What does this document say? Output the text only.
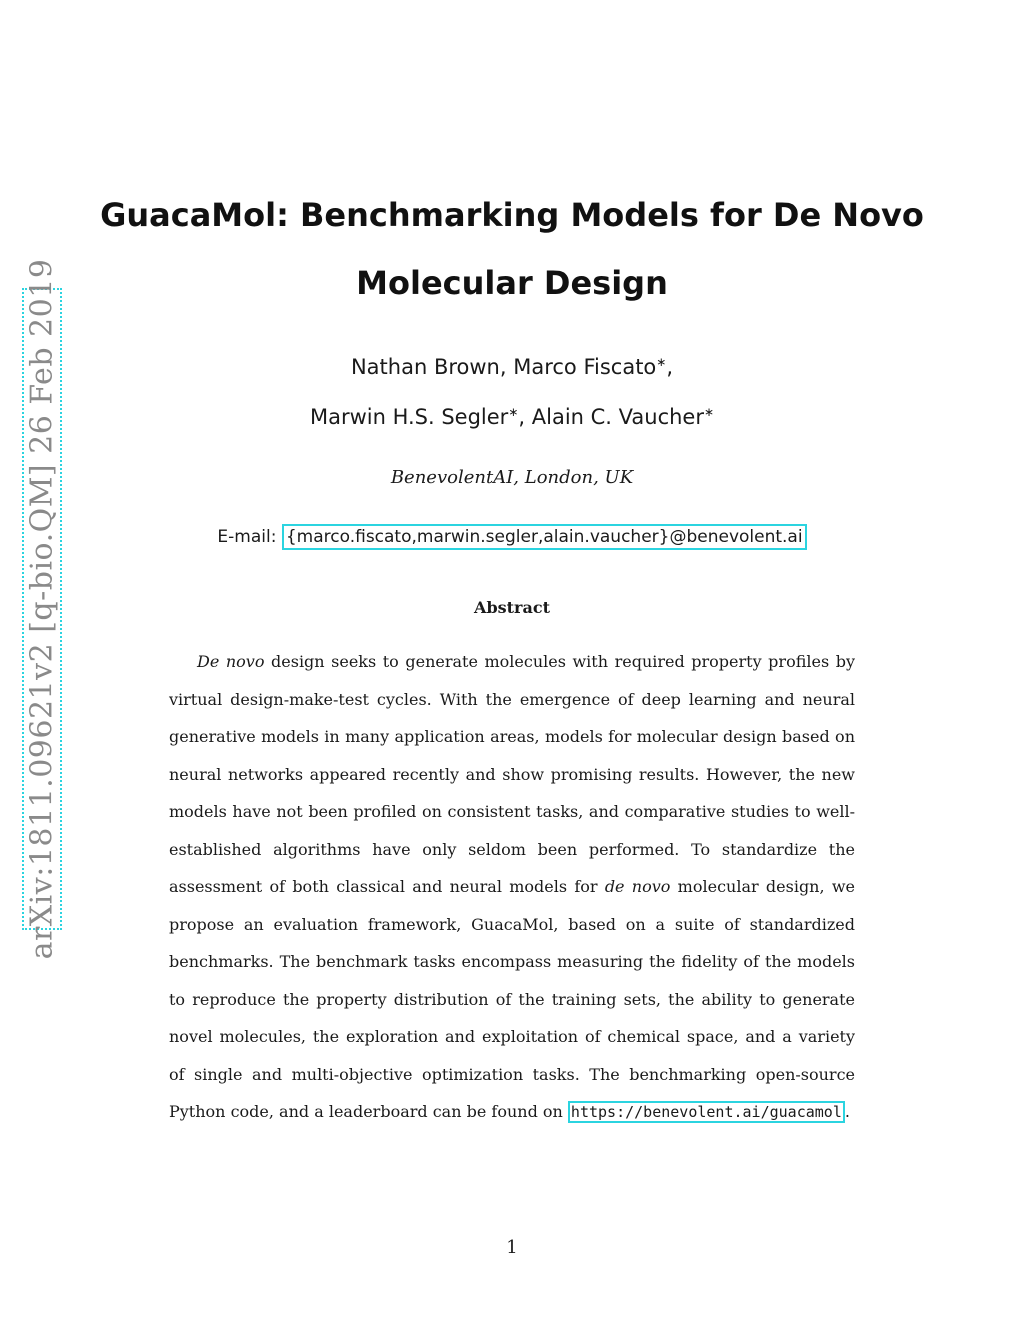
arXiv:1811.09621v2 [q-bio.QM] 26 Feb 2019
GuacaMol: Benchmarking Models for De Novo
Molecular Design
Nathan Brown, Marco Fiscato∗,
Marwin H.S. Segler∗, Alain C. Vaucher∗
BenevolentAI, London, UK
E-mail: {marco.fiscato,marwin.segler,alain.vaucher}@benevolent.ai
Abstract

De novo design seeks to generate molecules with required property profiles by virtual design-make-test cycles. With the emergence of deep learning and neural generative models in many application areas, models for molecular design based on neural networks appeared recently and show promising results. However, the new models have not been profiled on consistent tasks, and comparative studies to well-established algorithms have only seldom been performed. To standardize the assessment of both classical and neural models for de novo molecular design, we propose an evaluation framework, GuacaMol, based on a suite of standardized benchmarks. The benchmark tasks encompass measuring the fidelity of the models to reproduce the property distribution of the training sets, the ability to generate novel molecules, the exploration and exploitation of chemical space, and a variety of single and multi-objective optimization tasks. The benchmarking open-source Python code, and a leaderboard can be found on https://benevolent.ai/guacamol .

1
